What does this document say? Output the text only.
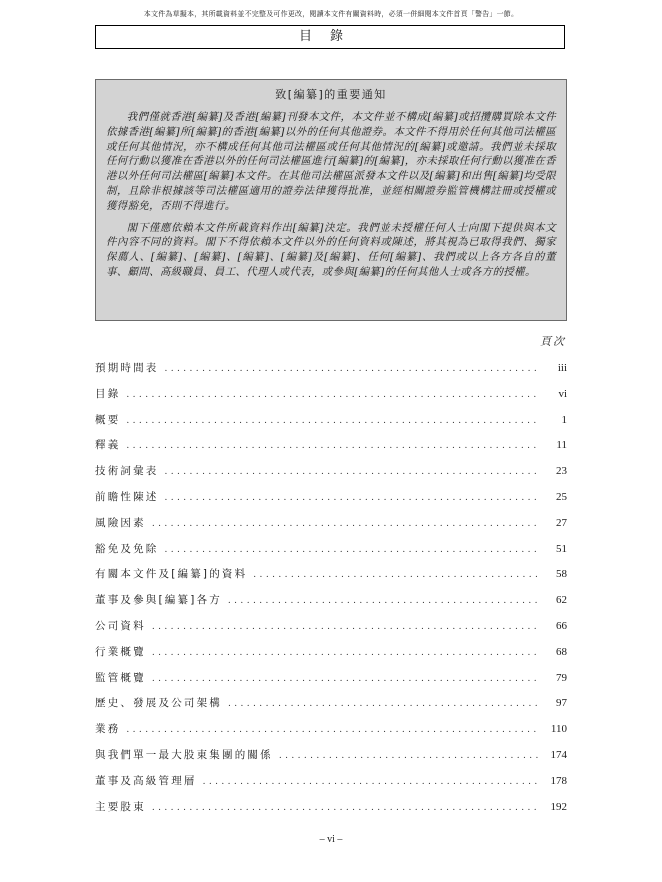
本文件為草擬本，其所載資料並不完整及可作更改，閱讀本文件有關資料時，必須一併細閱本文件首頁「警告」一節。
目錄
致[編纂]的重要通知

我們僅就香港[編纂]及香港[編纂]刊發本文件，本文件並不構成[編纂]或招攬購買除本文件依據香港[編纂]所[編纂]的香港[編纂]以外的任何其他證券。本文件不得用於任何其他司法權區或任何其他情況，亦不構成任何其他司法權區或任何其他情況的[編纂]或邀請。我們並未採取任何行動以獲准在香港以外的任何司法權區進行[編纂]的[編纂]，亦未採取任何行動以獲准在香港以外任何司法權區[編纂]本文件。在其他司法權區派發本文件以及[編纂]和出售[編纂]均受限制，且除非根據該等司法權區適用的證券法律獲得批准，並經相關證券監管機構註冊或授權或獲得豁免，否則不得進行。

閣下僅應依賴本文件所載資料作出[編纂]決定。我們並未授權任何人士向閣下提供與本文件內容不同的資料。閣下不得依賴本文件以外的任何資料或陳述，將其視為已取得我們、獨家保薦人、[編纂]、[編纂]、[編纂]、[編纂]及[編纂]、任何[編纂]、我們或以上各方各自的董事、顧問、高級職員、員工、代理人或代表，或參與[編纂]的任何其他人士或各方的授權。

頁次
預期時間表 .....	iii
目錄 .....	vi
概要 .....	1
釋義 .....	11
技術詞彙表 .....	23
前瞻性陳述 .....	25
風險因素 .....	27
豁免及免除 .....	51
有關本文件及[編纂]的資料 .....	58
董事及參與[編纂]各方 .....	62
公司資料 .....	66
行業概覽 .....	68
監管概覽 .....	79
歷史、發展及公司架構 .....	97
業務 .....	110
與我們單一最大股東集團的關係 .....	174
董事及高級管理層 .....	178
主要股東 .....	192
– vi –
